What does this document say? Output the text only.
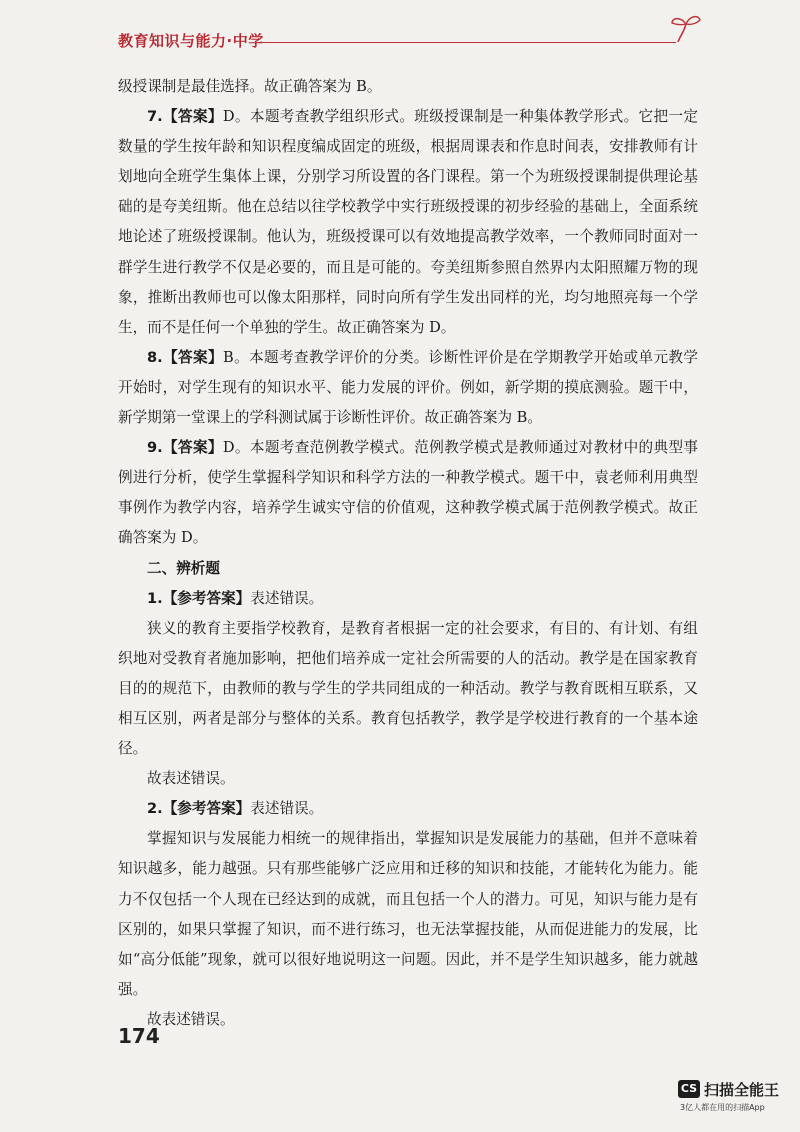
教育知识与能力·中学

级授课制是最佳选择。故正确答案为 B。

7.【答案】D。本题考查教学组织形式。班级授课制是一种集体教学形式。它把一定数量的学生按年龄和知识程度编成固定的班级，根据周课表和作息时间表，安排教师有计划地向全班学生集体上课，分别学习所设置的各门课程。第一个为班级授课制提供理论基础的是夸美纽斯。他在总结以往学校教学中实行班级授课的初步经验的基础上，全面系统地论述了班级授课制。他认为，班级授课可以有效地提高教学效率，一个教师同时面对一群学生进行教学不仅是必要的，而且是可能的。夸美纽斯参照自然界内太阳照耀万物的现象，推断出教师也可以像太阳那样，同时向所有学生发出同样的光，均匀地照亮每一个学生，而不是任何一个单独的学生。故正确答案为 D。

8.【答案】B。本题考查教学评价的分类。诊断性评价是在学期教学开始或单元教学开始时，对学生现有的知识水平、能力发展的评价。例如，新学期的摸底测验。题干中，新学期第一堂课上的学科测试属于诊断性评价。故正确答案为 B。

9.【答案】D。本题考查范例教学模式。范例教学模式是教师通过对教材中的典型事例进行分析，使学生掌握科学知识和科学方法的一种教学模式。题干中，袁老师利用典型事例作为教学内容，培养学生诚实守信的价值观，这种教学模式属于范例教学模式。故正确答案为 D。

二、辨析题

1.【参考答案】表述错误。

狭义的教育主要指学校教育，是教育者根据一定的社会要求，有目的、有计划、有组织地对受教育者施加影响，把他们培养成一定社会所需要的人的活动。教学是在国家教育目的的规范下，由教师的教与学生的学共同组成的一种活动。教学与教育既相互联系，又相互区别，两者是部分与整体的关系。教育包括教学，教学是学校进行教育的一个基本途径。

故表述错误。

2.【参考答案】表述错误。

掌握知识与发展能力相统一的规律指出，掌握知识是发展能力的基础，但并不意味着知识越多，能力越强。只有那些能够广泛应用和迁移的知识和技能，才能转化为能力。能力不仅包括一个人现在已经达到的成就，而且包括一个人的潜力。可见，知识与能力是有区别的，如果只掌握了知识，而不进行练习，也无法掌握技能，从而促进能力的发展，比如“高分低能”现象，就可以很好地说明这一问题。因此，并不是学生知识越多，能力就越强。

故表述错误。

174
CS 扫描全能王
3亿人都在用的扫描App
